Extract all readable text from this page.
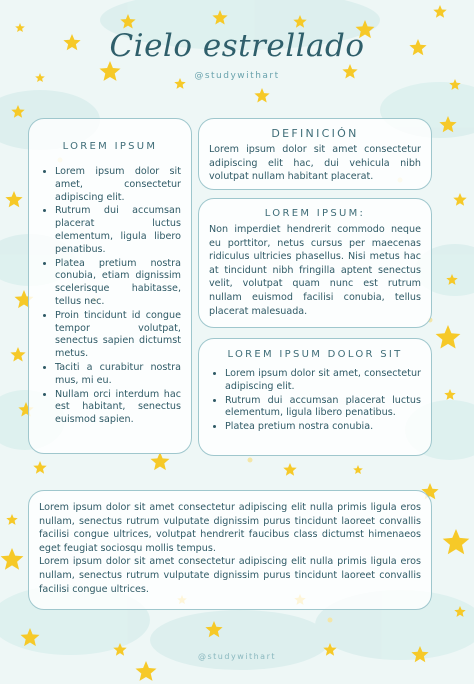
Cielo estrellado
@studywithart
LOREM IPSUM
• Lorem ipsum dolor sit amet, consectetur adipiscing elit.
• Rutrum dui accumsan placerat luctus elementum, ligula libero penatibus.
• Platea pretium nostra conubia, etiam dignissim scelerisque habitasse, tellus nec.
• Proin tincidunt id congue tempor volutpat, senectus sapien dictumst metus.
• Taciti a curabitur nostra mus, mi eu.
• Nullam orci interdum hac est habitant, senectus euismod sapien.
DEFINICIÓN

Lorem ipsum dolor sit amet consectetur adipiscing elit hac, dui vehicula nibh volutpat nullam habitant placerat.

LOREM IPSUM:

Non imperdiet hendrerit commodo neque eu porttitor, netus cursus per maecenas ridiculus ultricies phasellus. Nisi metus hac at tincidunt nibh fringilla aptent senectus velit, volutpat quam nunc est rutrum nullam euismod facilisi conubia, tellus placerat malesuada.

LOREM IPSUM DOLOR SIT
• Lorem ipsum dolor sit amet, consectetur adipiscing elit.
• Rutrum dui accumsan placerat luctus elementum, ligula libero penatibus.
• Platea pretium nostra conubia.

Lorem ipsum dolor sit amet consectetur adipiscing elit nulla primis ligula eros nullam, senectus rutrum vulputate dignissim purus tincidunt laoreet convallis facilisi congue ultrices, volutpat hendrerit faucibus class dictumst himenaeos eget feugiat sociosqu mollis tempus.

Lorem ipsum dolor sit amet consectetur adipiscing elit nulla primis ligula eros nullam, senectus rutrum vulputate dignissim purus tincidunt laoreet convallis facilisi congue ultrices.

@studywithart
